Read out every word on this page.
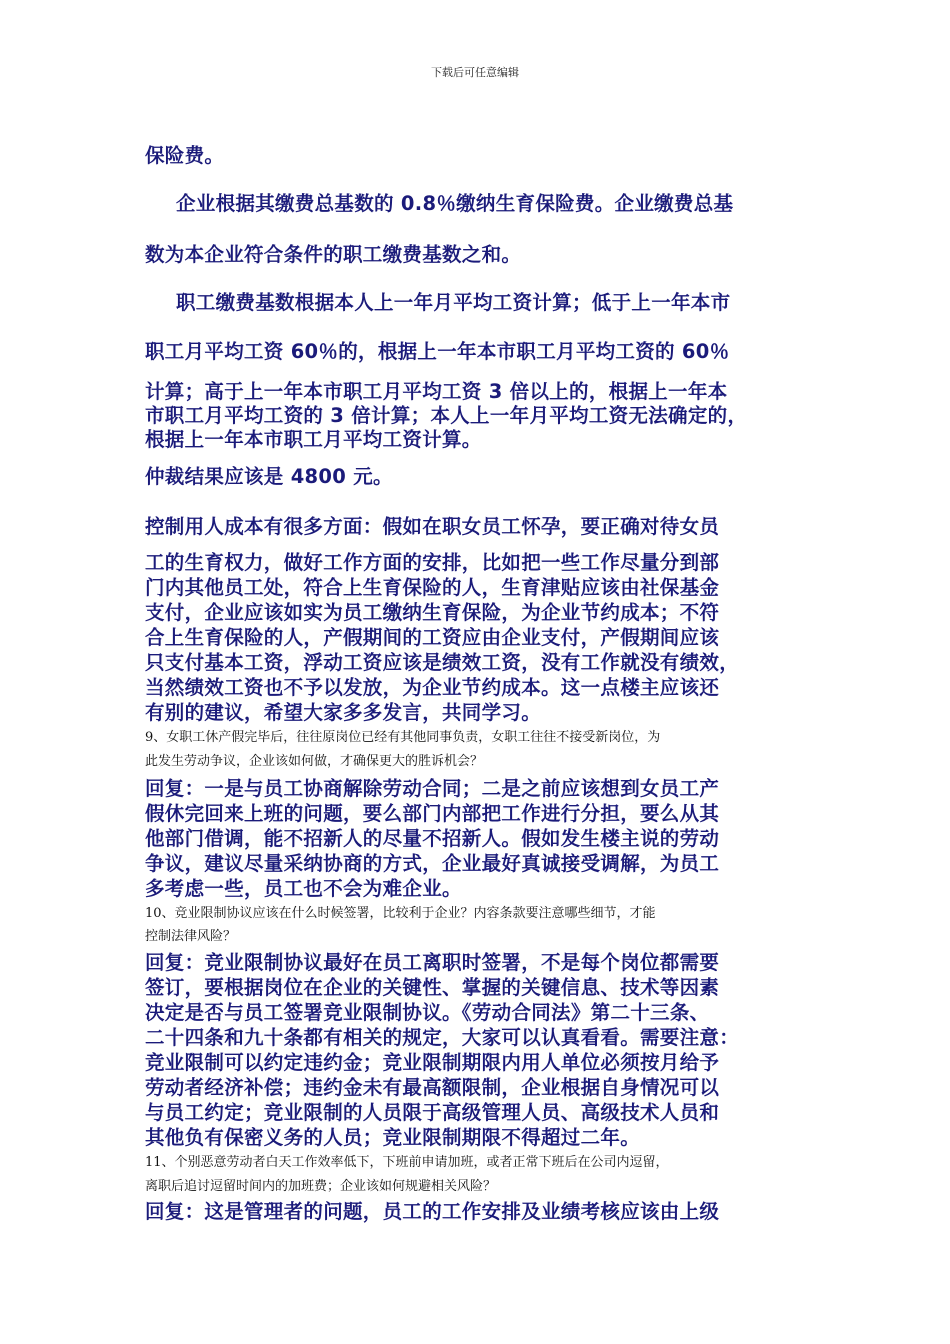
下载后可任意编辑
保险费。
企业根据其缴费总基数的 0.8％缴纳生育保险费。企业缴费总基
数为本企业符合条件的职工缴费基数之和。
职工缴费基数根据本人上一年月平均工资计算；低于上一年本市
职工月平均工资 60％的，根据上一年本市职工月平均工资的 60％
计算；高于上一年本市职工月平均工资 3 倍以上的，根据上一年本
市职工月平均工资的 3 倍计算；本人上一年月平均工资无法确定的，
根据上一年本市职工月平均工资计算。
仲裁结果应该是 4800 元。
控制用人成本有很多方面：假如在职女员工怀孕，要正确对待女员
工的生育权力，做好工作方面的安排，比如把一些工作尽量分到部
门内其他员工处，符合上生育保险的人，生育津贴应该由社保基金
支付，企业应该如实为员工缴纳生育保险，为企业节约成本；不符
合上生育保险的人，产假期间的工资应由企业支付，产假期间应该
只支付基本工资，浮动工资应该是绩效工资，没有工作就没有绩效，
当然绩效工资也不予以发放，为企业节约成本。这一点楼主应该还
有别的建议，希望大家多多发言，共同学习。
9、女职工休产假完毕后，往往原岗位已经有其他同事负责，女职工往往不接受新岗位，为
此发生劳动争议，企业该如何做，才确保更大的胜诉机会？
回复：一是与员工协商解除劳动合同；二是之前应该想到女员工产
假休完回来上班的问题，要么部门内部把工作进行分担，要么从其
他部门借调，能不招新人的尽量不招新人。假如发生楼主说的劳动
争议，建议尽量采纳协商的方式，企业最好真诚接受调解，为员工
多考虑一些，员工也不会为难企业。
10、竞业限制协议应该在什么时候签署，比较利于企业？内容条款要注意哪些细节，才能
控制法律风险？
回复：竞业限制协议最好在员工离职时签署，不是每个岗位都需要
签订，要根据岗位在企业的关键性、掌握的关键信息、技术等因素
决定是否与员工签署竞业限制协议。《劳动合同法》第二十三条、
二十四条和九十条都有相关的规定，大家可以认真看看。需要注意：
竞业限制可以约定违约金；竞业限制期限内用人单位必须按月给予
劳动者经济补偿；违约金未有最高额限制，企业根据自身情况可以
与员工约定；竞业限制的人员限于高级管理人员、高级技术人员和
其他负有保密义务的人员；竞业限制期限不得超过二年。
11、个别恶意劳动者白天工作效率低下，下班前申请加班，或者正常下班后在公司内逗留，
离职后追讨逗留时间内的加班费；企业该如何规避相关风险？
回复：这是管理者的问题，员工的工作安排及业绩考核应该由上级
